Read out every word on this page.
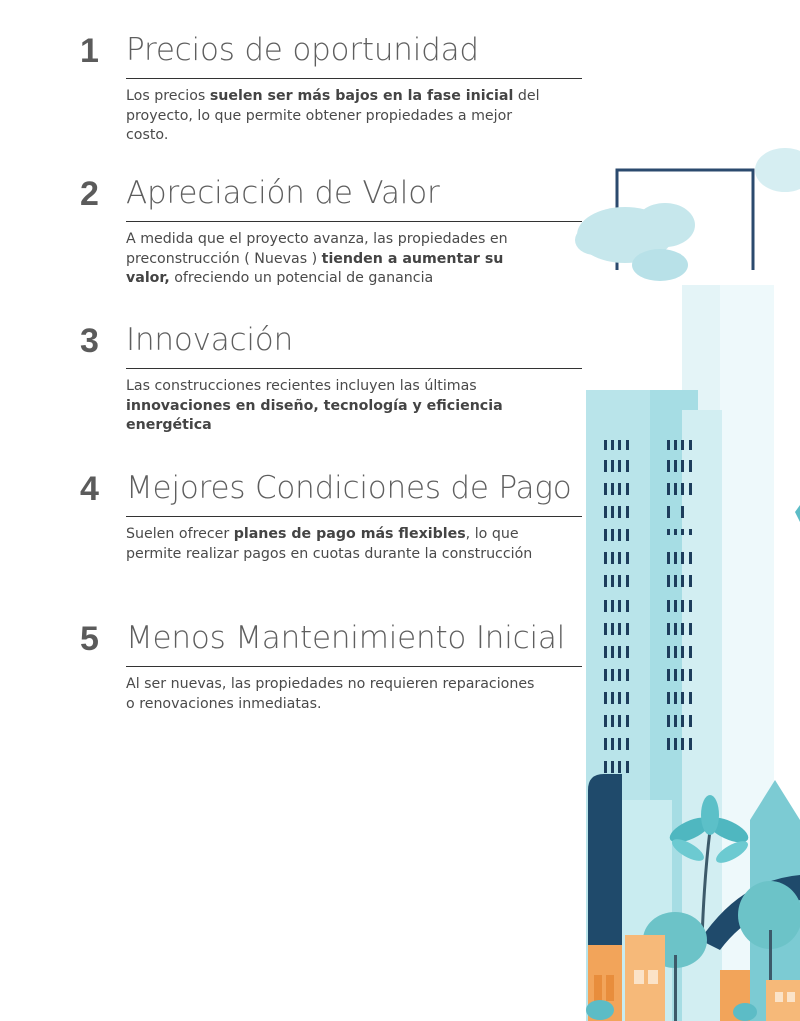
1 Precios de oportunidad
Los precios suelen ser más bajos en la fase inicial del proyecto, lo que permite obtener propiedades a mejor costo.
2 Apreciación de Valor
A medida que el proyecto avanza, las propiedades en preconstrucción ( Nuevas ) tienden a aumentar su valor, ofreciendo un potencial de ganancia
3 Innovación
Las construcciones recientes incluyen las últimas innovaciones en diseño, tecnología y eficiencia energética
4 Mejores Condiciones de Pago
Suelen ofrecer planes de pago más flexibles, lo que permite realizar pagos en cuotas durante la construcción
5 Menos Mantenimiento Inicial
Al ser nuevas, las propiedades no requieren reparaciones o renovaciones inmediatas.
